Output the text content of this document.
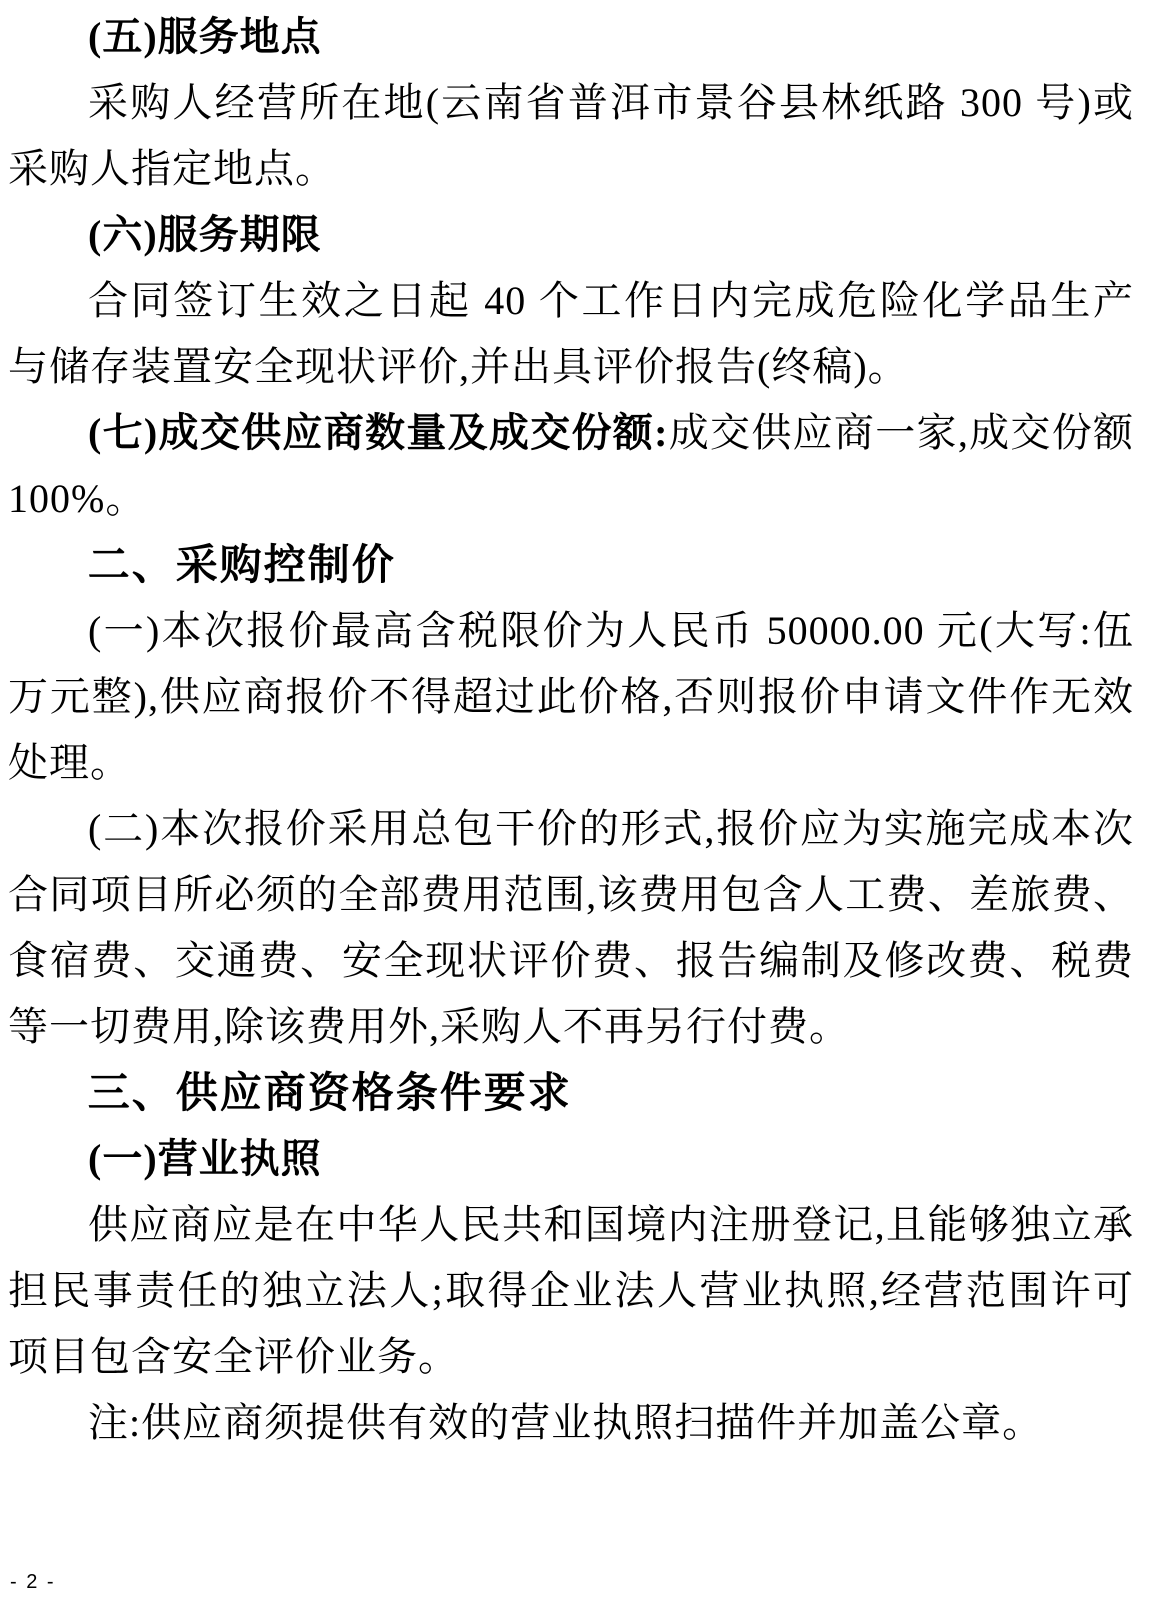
(五)服务地点

采购人经营所在地(云南省普洱市景谷县林纸路 300 号)或采购人指定地点。

(六)服务期限

合同签订生效之日起 40 个工作日内完成危险化学品生产与储存装置安全现状评价,并出具评价报告(终稿)。

(七)成交供应商数量及成交份额:成交供应商一家,成交份额 100%。

二、采购控制价

(一)本次报价最高含税限价为人民币 50000.00 元(大写:伍万元整),供应商报价不得超过此价格,否则报价申请文件作无效处理。

(二)本次报价采用总包干价的形式,报价应为实施完成本次合同项目所必须的全部费用范围,该费用包含人工费、差旅费、食宿费、交通费、安全现状评价费、报告编制及修改费、税费等一切费用,除该费用外,采购人不再另行付费。

三、供应商资格条件要求

(一)营业执照

供应商应是在中华人民共和国境内注册登记,且能够独立承担民事责任的独立法人;取得企业法人营业执照,经营范围许可项目包含安全评价业务。

注:供应商须提供有效的营业执照扫描件并加盖公章。

- 2 -
